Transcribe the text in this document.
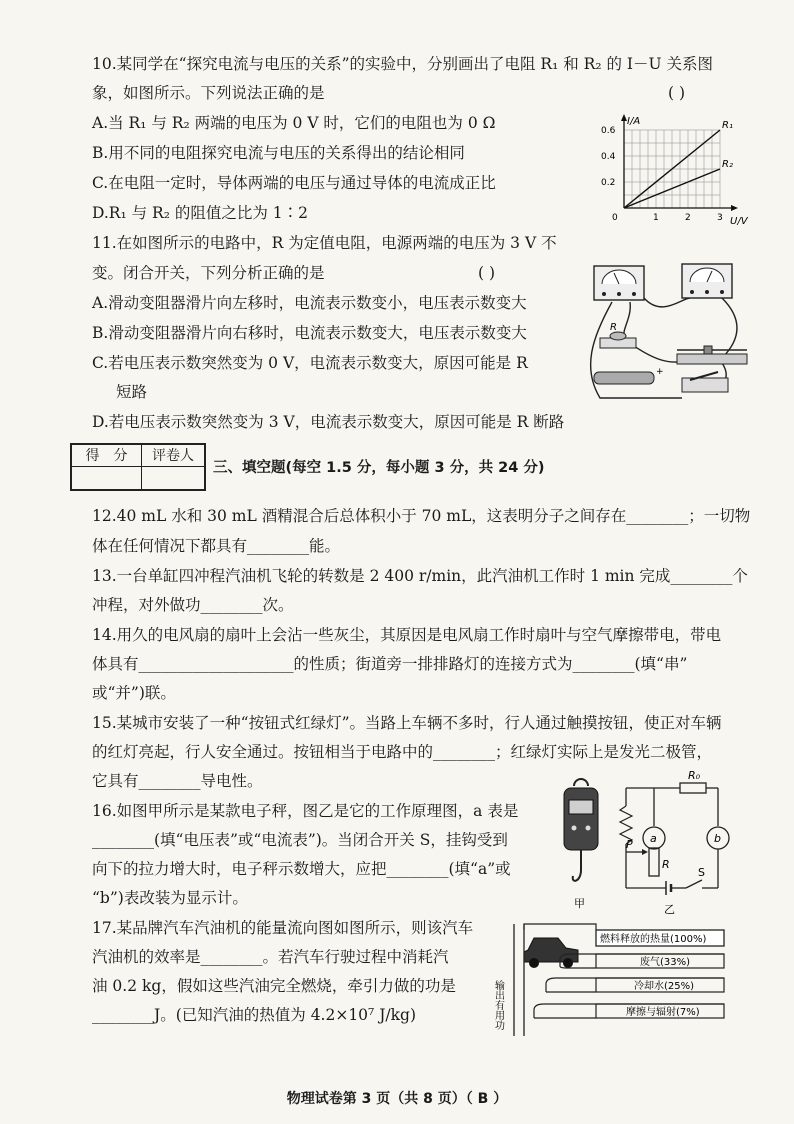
10.某同学在“探究电流与电压的关系”的实验中，分别画出了电阻 R₁ 和 R₂ 的 I－U 关系图
象，如图所示。下列说法正确的是	( )
A.当 R₁ 与 R₂ 两端的电压为 0 V 时，它们的电阻也为 0 Ω
B.用不同的电阻探究电流与电压的关系得出的结论相同
C.在电阻一定时，导体两端的电压与通过导体的电流成正比
D.R₁ 与 R₂ 的阻值之比为 1∶2
I/A
U/V
0	1	2	3
0.2
0.4
0.6	R₁
R₂
11.在如图所示的电路中，R 为定值电阻，电源两端的电压为 3 V 不
变。闭合开关，下列分析正确的是	( )
A.滑动变阻器滑片向左移时，电流表示数变小，电压表示数变大
B.滑动变阻器滑片向右移时，电流表示数变大，电压表示数变大
C.若电压表示数突然变为 0 V，电流表示数变大，原因可能是 R
短路
D.若电压表示数突然变为 3 V，电流表示数变大，原因可能是 R 断路
R
+
得　分	评卷人
三、填空题(每空 1.5 分，每小题 3 分，共 24 分)
12.40 mL 水和 30 mL 酒精混合后总体积小于 70 mL，这表明分子之间存在________；一切物
体在任何情况下都具有________能。
13.一台单缸四冲程汽油机飞轮的转数是 2 400 r/min，此汽油机工作时 1 min 完成________个
冲程，对外做功________次。
14.用久的电风扇的扇叶上会沾一些灰尘，其原因是电风扇工作时扇叶与空气摩擦带电，带电
体具有____________________的性质；街道旁一排排路灯的连接方式为________(填“串”
或“并”)联。
15.某城市安装了一种“按钮式红绿灯”。当路上车辆不多时，行人通过触摸按钮，使正对车辆
的红灯亮起，行人安全通过。按钮相当于电路中的________；红绿灯实际上是发光二极管，
它具有________导电性。
16.如图甲所示是某款电子秤，图乙是它的工作原理图，a 表是
________(填“电压表”或“电流表”)。当闭合开关 S，挂钩受到
向下的拉力增大时，电子秤示数增大，应把________(填“a”或
“b”)表改装为显示计。	甲
R₀
P
R
a	b
S
乙
17.某品牌汽车汽油机的能量流向图如图所示，则该汽车
汽油机的效率是________。若汽车行驶过程中消耗汽
油 0.2 kg，假如这些汽油完全燃烧，牵引力做的功是
________J。(已知汽油的热值为 4.2×10⁷ J/kg)
燃料释放的热量(100%)
废气(33%)
冷却水(25%)
摩擦与辐射(7%)
输出有用功
物理试卷第 3 页（共 8 页）（ B ）
